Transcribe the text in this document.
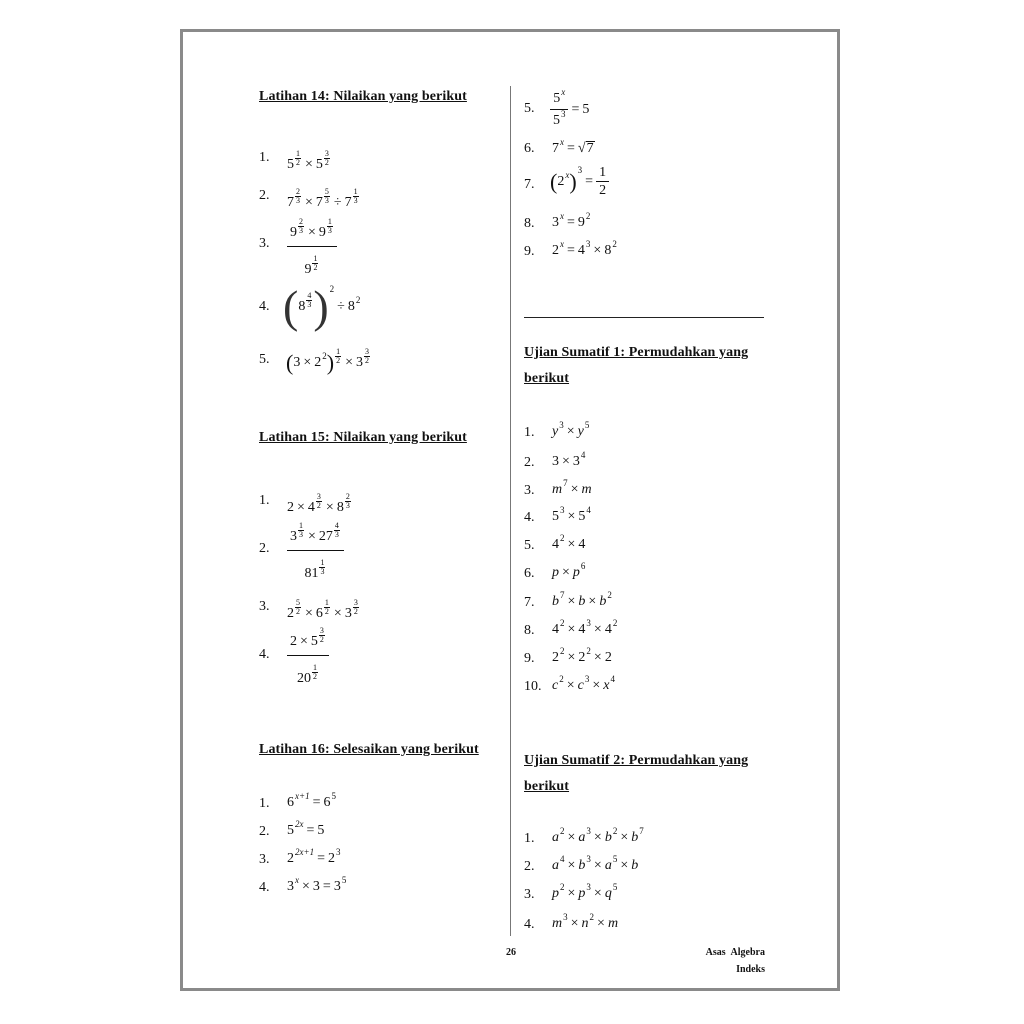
Latihan 14: Nilaikan yang berikut
1. $5 \frac{1}{2} \times 5 \frac{3}{2}$
2. $7 \frac{2}{3} \times 7 \frac{5}{3} \div 7 \frac{1}{3}$
3. $\frac{9 \frac{2}{3} \times 9 \frac{1}{3}}{9 \frac{1}{2}}$
4. $(8 \frac{4}{3} )^2\div 8^2$
5. $(3 \times 2^2) \frac{1}{2} \times 3 \frac{3}{2}$
Latihan 15: Nilaikan yang berikut
1. $2 \times 4 \frac{3}{2} \times 8 \frac{2}{3}$
2. $\frac{3 \frac{1}{3} \times 27 \frac{4}{3}}{81 \frac{1}{3}}$
3. $2 \frac{5}{2} \times 6 \frac{1}{2} \times 3 \frac{3}{2}$
4. $\frac{2 \times 5 \frac{3}{2}}{20 \frac{1}{2}}$
Latihan 16: Selesaikan yang berikut
1. $6^{x+1} = 6^5$
2. $5^{2x} = 5$
3. $2^{2x+1} = 2^3$
4. $3^x \times 3 = 3^5$
5. $\frac{5^x}{5^3} = 5$
6. $7^x = √7$
7. $(2^x)^3= \frac{1}{2}$
8. $3^x = 9^2$
9. $2^x = 4^3 \times 8^2$
Ujian Sumatif 1: Permudahkan yang
berikut
1. $y^3 \times y^5$
2. $3 \times 3^4$
3. $m^7 \times m$
4. $5^3 \times 5^4$
5. $4^2 \times 4$
6. $p \times p^6$
7. $b^7 \times b \times b^2$
8. $4^2 \times 4^3 \times 4^2$
9. $2^2 \times 2^2 \times 2$
10. $c^2 \times c^3 \times x^4$
Ujian Sumatif 2: Permudahkan yang
berikut
1. $a^2 \times a^3 \times b^2 \times b^7$
2. $a^4 \times b^3 \times a^5 \times b$
3. $p^2 \times p^3 \times q^5$
4. $m^3 \times n^2 \times m$
26	Asas Algebra
Indeks
